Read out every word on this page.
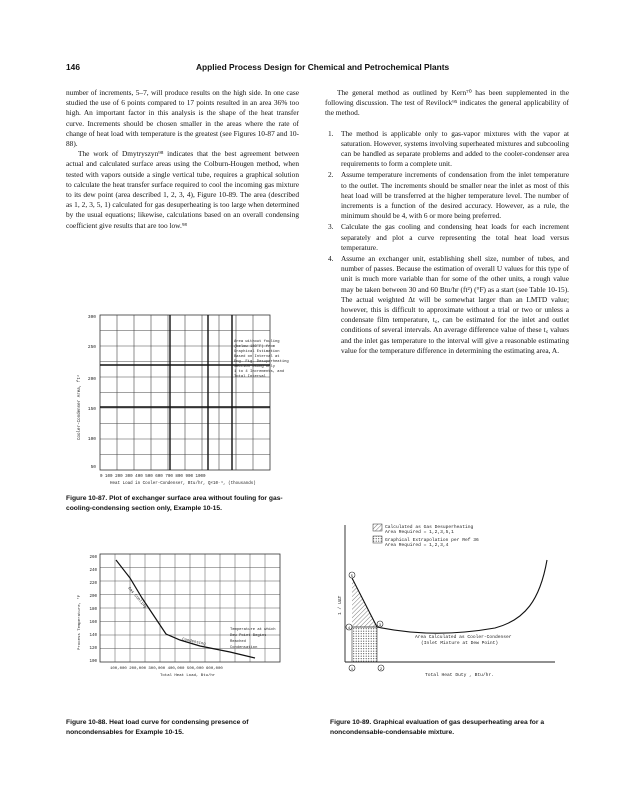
146	Applied Process Design for Chemical and Petrochemical Plants

number of increments, 5–7, will produce results on the high side. In one case studied the use of 6 points compared to 17 points resulted in an area 36% too high. An important factor in this analysis is the shape of the heat transfer curve. Increments should be chosen smaller in the areas where the rate of change of heat load with temperature is the greatest (see Figures 10-87 and 10-88).

The work of Dmytryszyn⁹⁸ indicates that the best agreement between actual and calculated surface areas using the Colburn-Hougen method, when tested with vapors outside a single vertical tube, requires a graphical solution to calculate the heat transfer surface required to cool the incoming gas mixture to its dew point (area described 1, 2, 3, 4), Figure 10-89. The area (described as 1, 2, 3, 5, 1) calculated for gas desuperheating is too large when determined by the usual equations; likewise, calculations based on an overall condensing coefficient give results that are too low.⁹⁸

The general method as outlined by Kern⁷⁰ has been supplemented in the following discussion. The test of Revilock⁹⁵ indicates the general applicability of the method.

1. The method is applicable only to gas-vapor mixtures with the vapor at saturation. However, systems involving superheated mixtures and subcooling can be handled as separate problems and added to the cooler-condenser area requirements to form a complete unit.
2. Assume temperature increments of condensation from the inlet temperature to the outlet. The increments should be smaller near the inlet as most of this heat load will be transferred at the higher temperature level. The number of increments is a function of the desired accuracy. However, as a rule, the minimum should be 4, with 6 or more being preferred.
3. Calculate the gas cooling and condensing heat loads for each increment separately and plot a curve representing the total heat load versus temperature.
4. Assume an exchanger unit, establishing shell size, number of tubes, and number of passes. Because the estimation of overall U values for this type of unit is much more variable than for some of the other units, a rough value may be taken between 30 and 60 Btu/hr (ft²) (°F) as a start (see Table 10-15). The actual weighted Δt will be somewhat larger than an LMTD value; however, this is difficult to approximate without a trial or two or unless a condensate film temperature, t꜀, can be estimated for the inlet and outlet conditions of several intervals. An average difference value of these t꜀ values and the inlet gas temperature to the interval will give a reasonable estimating value for the temperature difference in determining the estimating area, A.
Area without fouling
(below 180°F) from
Graphical Estimation
Based on Interval at
Eng. Fig. Desuperheating
Section Using Only
1 to 4 Increments, and
Total Interval
300
250
200
150
100
50
0 100 200 300 400 500 600 700 800 900 1000
Heat Load in Cooler-Condenser, Btu/hr, Q×10⁻³, (thousands)
Cooler-Condenser Area, ft²
Figure 10-87. Plot of exchanger surface area without fouling for gas-cooling-condensing section only, Example 10-15.
Gas Cooling
Condensing
Temperature at which
Dew Point Begins
Reached
Condensation
260
240
220
200
180
160
140
120
100
100,000 200,000 300,000 400,000 500,000 600,000
Total Heat Load, Btu/hr
Process Temperature, °F
Figure 10-88. Heat load curve for condensing presence of noncondensables for Example 10-15.
Calculated as Gas Desuperheating
Area Required = 1,2,3,5,1
Graphical Extrapolation per Ref 36
Area Required = 1,2,3,4
5
3
4
1	2
Area Calculated as Cooler-Condenser
(Inlet Mixture at Dew Point)
Total Heat Duty , Btu/hr.
1 / UΔT
Figure 10-89. Graphical evaluation of gas desuperheating area for a noncondensable-condensable mixture.
